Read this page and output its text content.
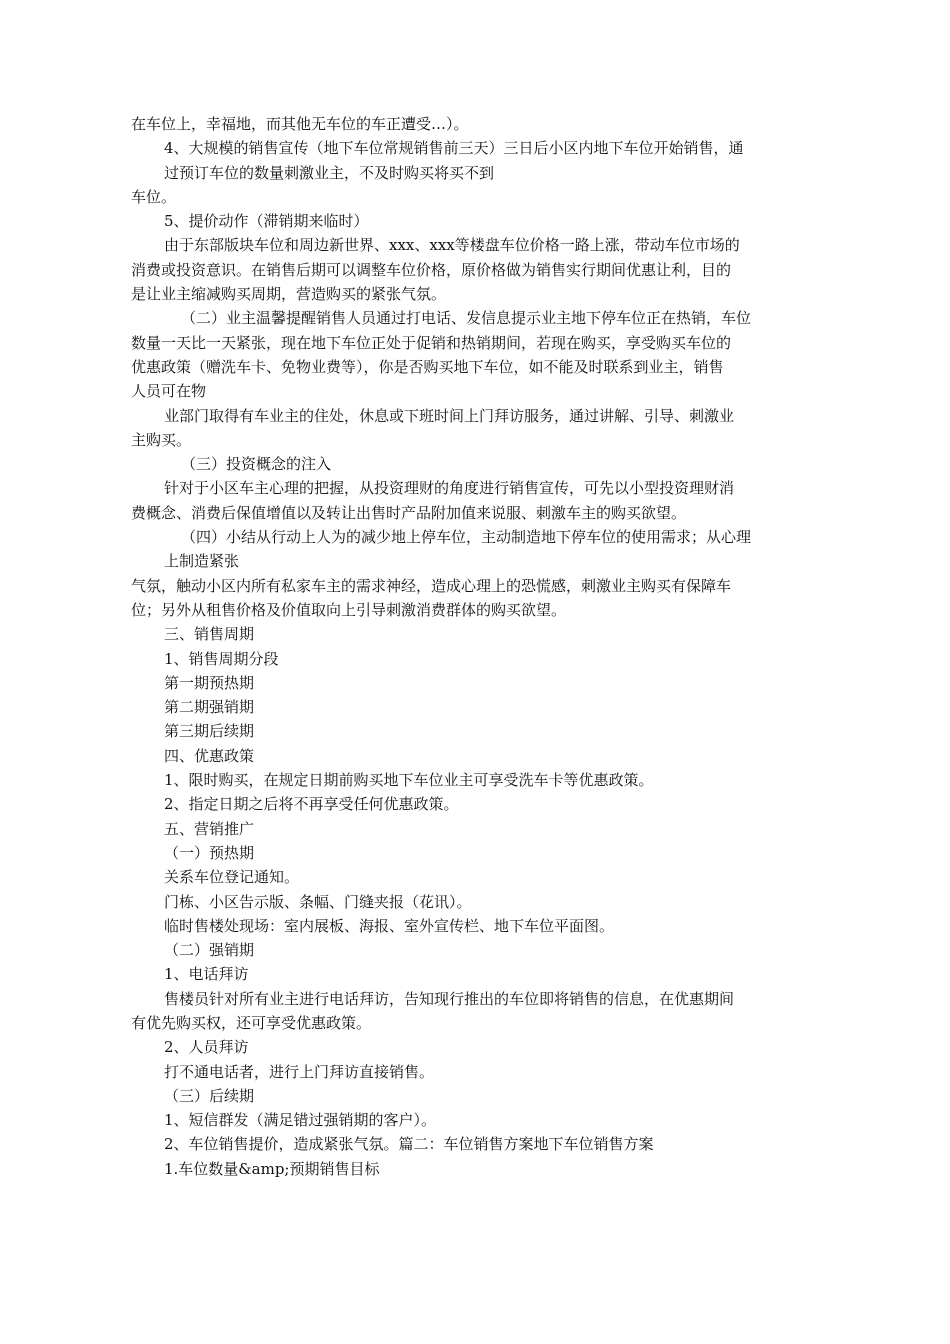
在车位上，幸福地，而其他无车位的车正遭受…）。
4、大规模的销售宣传（地下车位常规销售前三天）三日后小区内地下车位开始销售，通
过预订车位的数量刺激业主，不及时购买将买不到
车位。
5、提价动作（滞销期来临时）
由于东部版块车位和周边新世界、xxx、xxx等楼盘车位价格一路上涨，带动车位市场的
消费或投资意识。在销售后期可以调整车位价格，原价格做为销售实行期间优惠让利，目的
是让业主缩减购买周期，营造购买的紧张气氛。
（二）业主温馨提醒销售人员通过打电话、发信息提示业主地下停车位正在热销，车位
数量一天比一天紧张，现在地下车位正处于促销和热销期间，若现在购买，享受购买车位的
优惠政策（赠洗车卡、免物业费等），你是否购买地下车位，如不能及时联系到业主，销售
人员可在物
业部门取得有车业主的住处，休息或下班时间上门拜访服务，通过讲解、引导、刺激业
主购买。
（三）投资概念的注入
针对于小区车主心理的把握，从投资理财的角度进行销售宣传，可先以小型投资理财消
费概念、消费后保值增值以及转让出售时产品附加值来说服、刺激车主的购买欲望。
（四）小结从行动上人为的减少地上停车位，主动制造地下停车位的使用需求；从心理
上制造紧张
气氛，触动小区内所有私家车主的需求神经，造成心理上的恐慌感，刺激业主购买有保障车
位；另外从租售价格及价值取向上引导刺激消费群体的购买欲望。
三、销售周期
1、销售周期分段
第一期预热期
第二期强销期
第三期后续期
四、优惠政策
1、限时购买，在规定日期前购买地下车位业主可享受洗车卡等优惠政策。
2、指定日期之后将不再享受任何优惠政策。
五、营销推广
（一）预热期
关系车位登记通知。
门栋、小区告示版、条幅、门缝夹报（花讯）。
临时售楼处现场：室内展板、海报、室外宣传栏、地下车位平面图。
（二）强销期
1、电话拜访
售楼员针对所有业主进行电话拜访，告知现行推出的车位即将销售的信息，在优惠期间
有优先购买权，还可享受优惠政策。
2、人员拜访
打不通电话者，进行上门拜访直接销售。
（三）后续期
1、短信群发（满足错过强销期的客户）。
2、车位销售提价，造成紧张气氛。篇二：车位销售方案地下车位销售方案
1.车位数量&amp;预期销售目标
